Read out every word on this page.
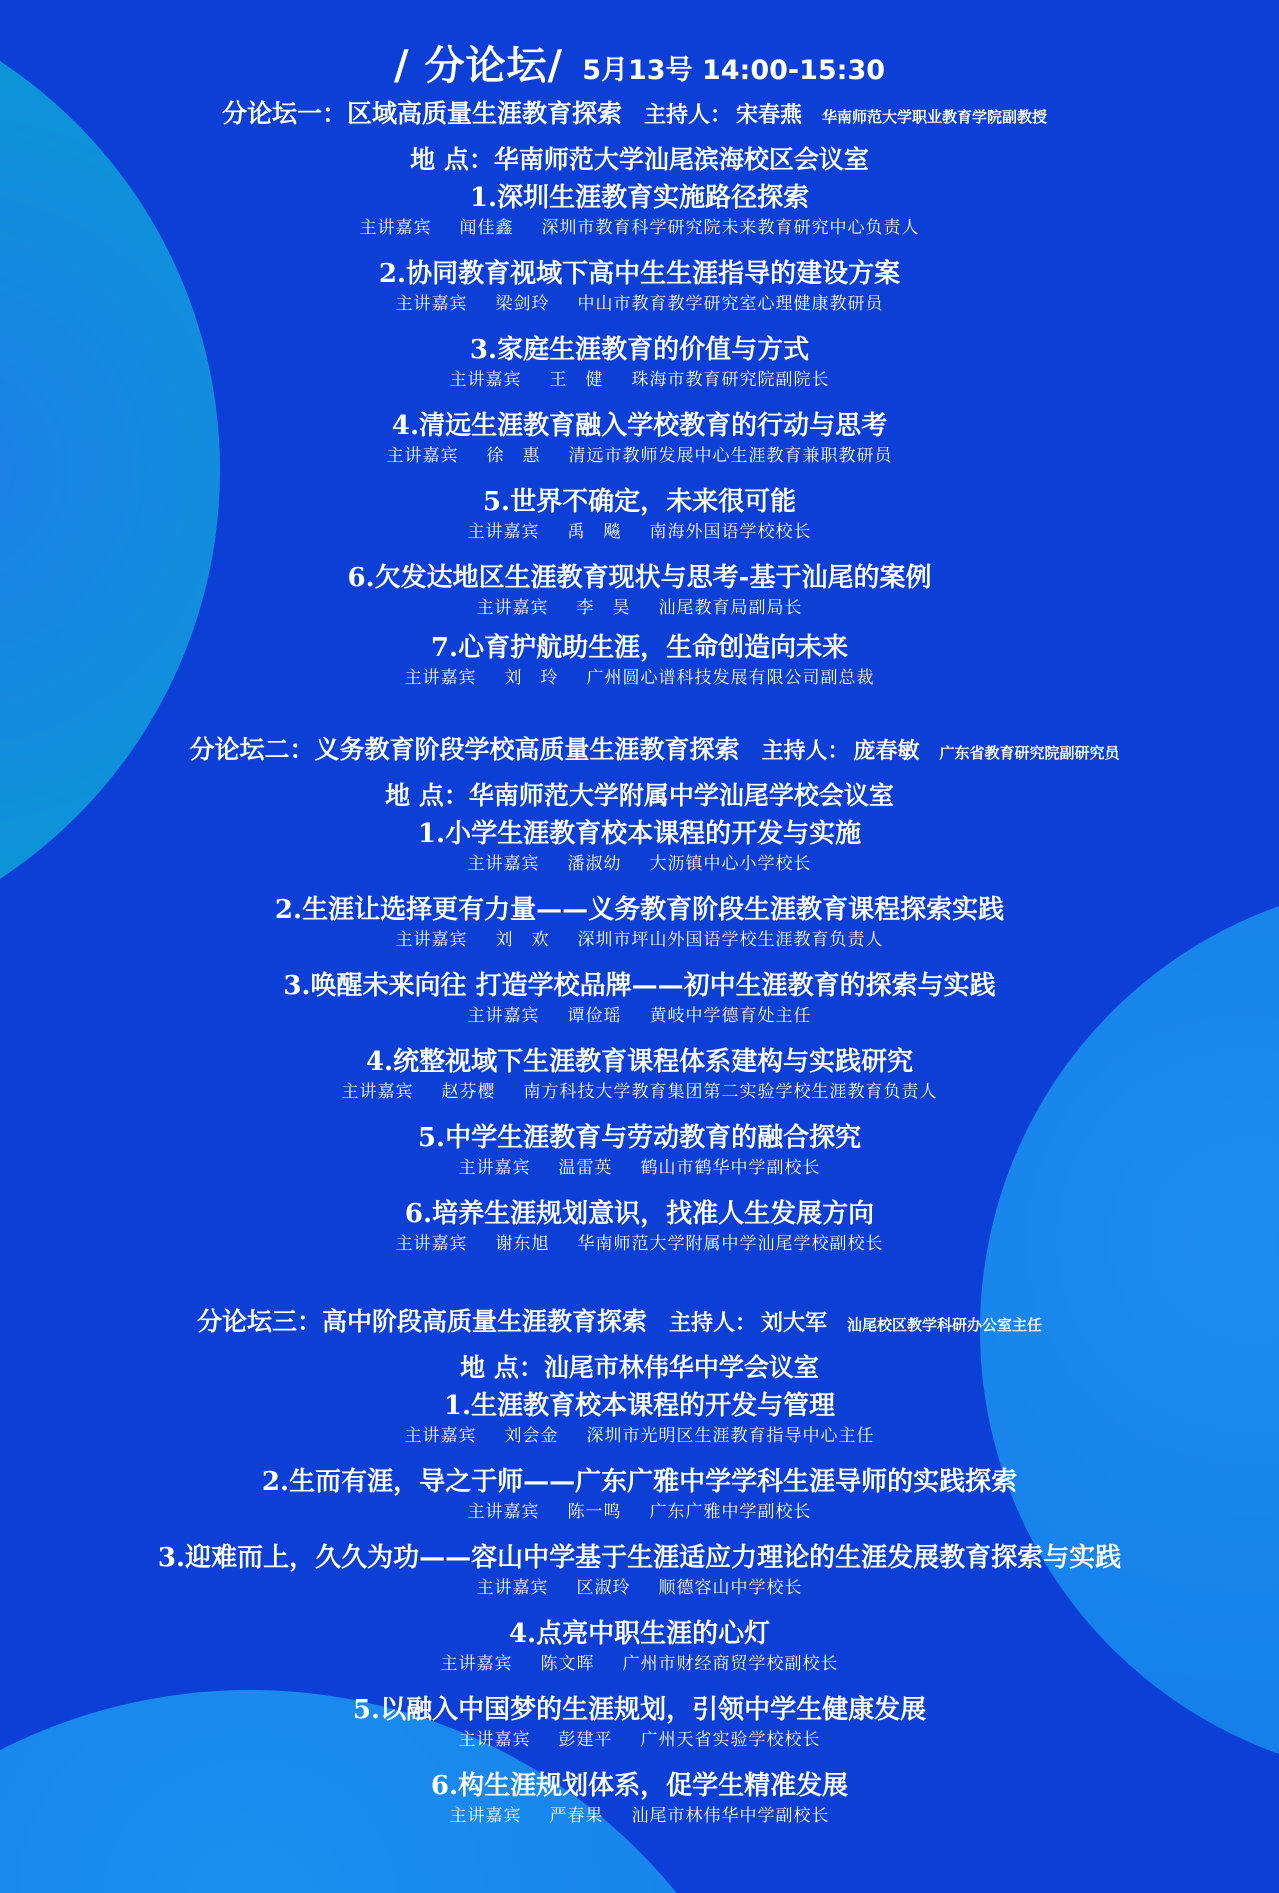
/ 分论坛/ 5月13号 14:00-15:30
分论坛一：区域高质量生涯教育探索 主持人： 宋春燕 华南师范大学职业教育学院副教授
地 点：华南师范大学汕尾滨海校区会议室
1.深圳生涯教育实施路径探索
主讲嘉宾 闻佳鑫 深圳市教育科学研究院未来教育研究中心负责人
2.协同教育视域下高中生生涯指导的建设方案
主讲嘉宾 梁剑玲 中山市教育教学研究室心理健康教研员
3.家庭生涯教育的价值与方式
主讲嘉宾 王　健 珠海市教育研究院副院长
4.清远生涯教育融入学校教育的行动与思考
主讲嘉宾 徐　惠 清远市教师发展中心生涯教育兼职教研员
5.世界不确定，未来很可能
主讲嘉宾 禹　飚 南海外国语学校校长
6.欠发达地区生涯教育现状与思考-基于汕尾的案例
主讲嘉宾 李　昊 汕尾教育局副局长
7.心育护航助生涯，生命创造向未来
主讲嘉宾 刘　玲 广州圆心谱科技发展有限公司副总裁
分论坛二：义务教育阶段学校高质量生涯教育探索 主持人： 庞春敏 广东省教育研究院副研究员
地 点：华南师范大学附属中学汕尾学校会议室
1.小学生涯教育校本课程的开发与实施
主讲嘉宾 潘淑幼 大沥镇中心小学校长
2.生涯让选择更有力量——义务教育阶段生涯教育课程探索实践
主讲嘉宾 刘　欢 深圳市坪山外国语学校生涯教育负责人
3.唤醒未来向往 打造学校品牌——初中生涯教育的探索与实践
主讲嘉宾 谭俭瑶 黄岐中学德育处主任
4.统整视域下生涯教育课程体系建构与实践研究
主讲嘉宾 赵芬樱 南方科技大学教育集团第二实验学校生涯教育负责人
5.中学生涯教育与劳动教育的融合探究
主讲嘉宾 温雷英 鹤山市鹤华中学副校长
6.培养生涯规划意识，找准人生发展方向
主讲嘉宾 谢东旭 华南师范大学附属中学汕尾学校副校长
分论坛三：高中阶段高质量生涯教育探索 主持人： 刘大军 汕尾校区教学科研办公室主任
地 点：汕尾市林伟华中学会议室
1.生涯教育校本课程的开发与管理
主讲嘉宾 刘会金 深圳市光明区生涯教育指导中心主任
2.生而有涯，导之于师——广东广雅中学学科生涯导师的实践探索
主讲嘉宾 陈一鸣 广东广雅中学副校长
3.迎难而上，久久为功——容山中学基于生涯适应力理论的生涯发展教育探索与实践
主讲嘉宾 区淑玲 顺德容山中学校长
4.点亮中职生涯的心灯
主讲嘉宾 陈文晖 广州市财经商贸学校副校长
5.以融入中国梦的生涯规划，引领中学生健康发展
主讲嘉宾 彭建平 广州天省实验学校校长
6.构生涯规划体系，促学生精准发展
主讲嘉宾 严春果 汕尾市林伟华中学副校长
